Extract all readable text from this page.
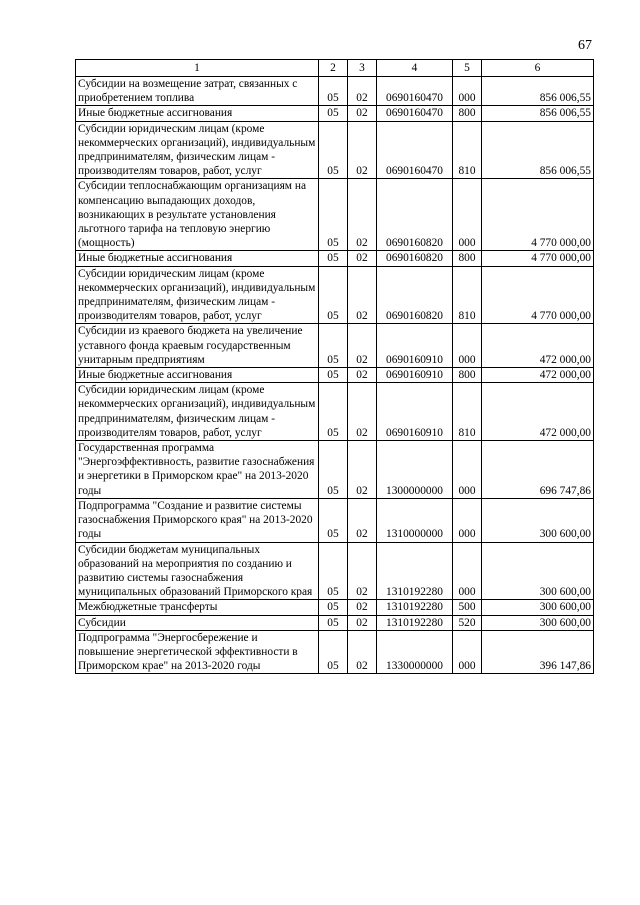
67
1	2	3	4	5	6
Субсидии на возмещение затрат, связанных с приобретением топлива	05	02	0690160470	000	856 006,55
Иные бюджетные ассигнования	05	02	0690160470	800	856 006,55
Субсидии юридическим лицам (кроме некоммерческих организаций), индивидуальным предпринимателям, физическим лицам - производителям товаров, работ, услуг	05	02	0690160470	810	856 006,55
Субсидии теплоснабжающим организациям на компенсацию выпадающих доходов, возникающих в результате установления льготного тарифа на тепловую энергию (мощность)	05	02	0690160820	000	4 770 000,00
Иные бюджетные ассигнования	05	02	0690160820	800	4 770 000,00
Субсидии юридическим лицам (кроме некоммерческих организаций), индивидуальным предпринимателям, физическим лицам - производителям товаров, работ, услуг	05	02	0690160820	810	4 770 000,00
Субсидии из краевого бюджета на увеличение уставного фонда краевым государственным унитарным предприятиям	05	02	0690160910	000	472 000,00
Иные бюджетные ассигнования	05	02	0690160910	800	472 000,00
Субсидии юридическим лицам (кроме некоммерческих организаций), индивидуальным предпринимателям, физическим лицам - производителям товаров, работ, услуг	05	02	0690160910	810	472 000,00
Государственная программа "Энергоэффективность, развитие газоснабжения и энергетики в Приморском крае" на 2013-2020 годы	05	02	1300000000	000	696 747,86
Подпрограмма "Создание и развитие системы газоснабжения Приморского края" на 2013-2020 годы	05	02	1310000000	000	300 600,00
Субсидии бюджетам муниципальных образований на мероприятия по созданию и развитию системы газоснабжения муниципальных образований Приморского края	05	02	1310192280	000	300 600,00
Межбюджетные трансферты	05	02	1310192280	500	300 600,00
Субсидии	05	02	1310192280	520	300 600,00
Подпрограмма "Энергосбережение и повышение энергетической эффективности в Приморском крае" на 2013-2020 годы	05	02	1330000000	000	396 147,86
